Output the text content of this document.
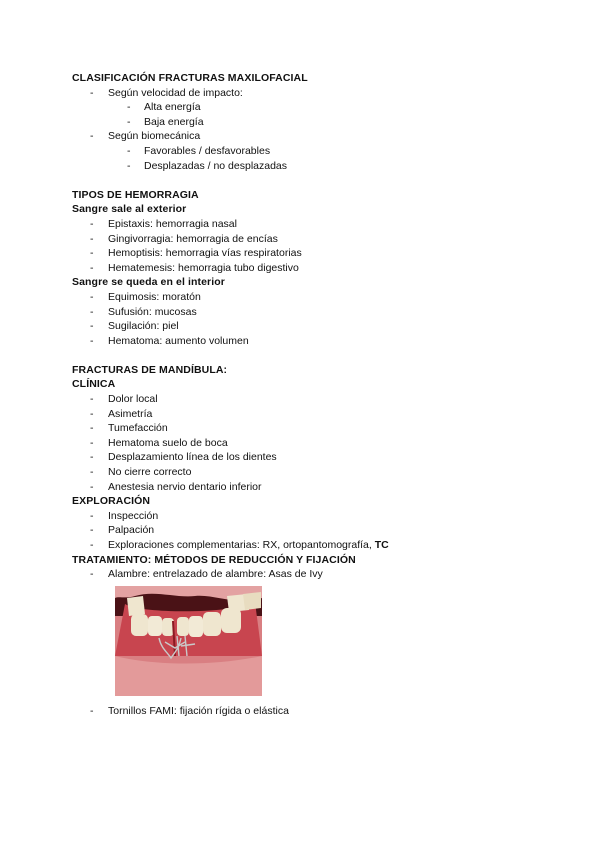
CLASIFICACIÓN FRACTURAS MAXILOFACIAL
- Según velocidad de impacto:
- Alta energía
- Baja energía
- Según biomecánica
- Favorables / desfavorables
- Desplazadas / no desplazadas
TIPOS DE HEMORRAGIA
Sangre sale al exterior
- Epistaxis: hemorragia nasal
- Gingivorragia: hemorragia de encías
- Hemoptisis: hemorragia vías respiratorias
- Hematemesis: hemorragia tubo digestivo
Sangre se queda en el interior
- Equimosis: moratón
- Sufusión: mucosas
- Sugilación: piel
- Hematoma: aumento volumen
FRACTURAS DE MANDÍBULA:
CLÍNICA
- Dolor local
- Asimetría
- Tumefacción
- Hematoma suelo de boca
- Desplazamiento línea de los dientes
- No cierre correcto
- Anestesia nervio dentario inferior
EXPLORACIÓN
- Inspección
- Palpación
- Exploraciones complementarias: RX, ortopantomografía, TC
TRATAMIENTO: MÉTODOS DE REDUCCIÓN Y FIJACIÓN
- Alambre: entrelazado de alambre: Asas de Ivy
- Tornillos FAMI: fijación rígida o elástica
